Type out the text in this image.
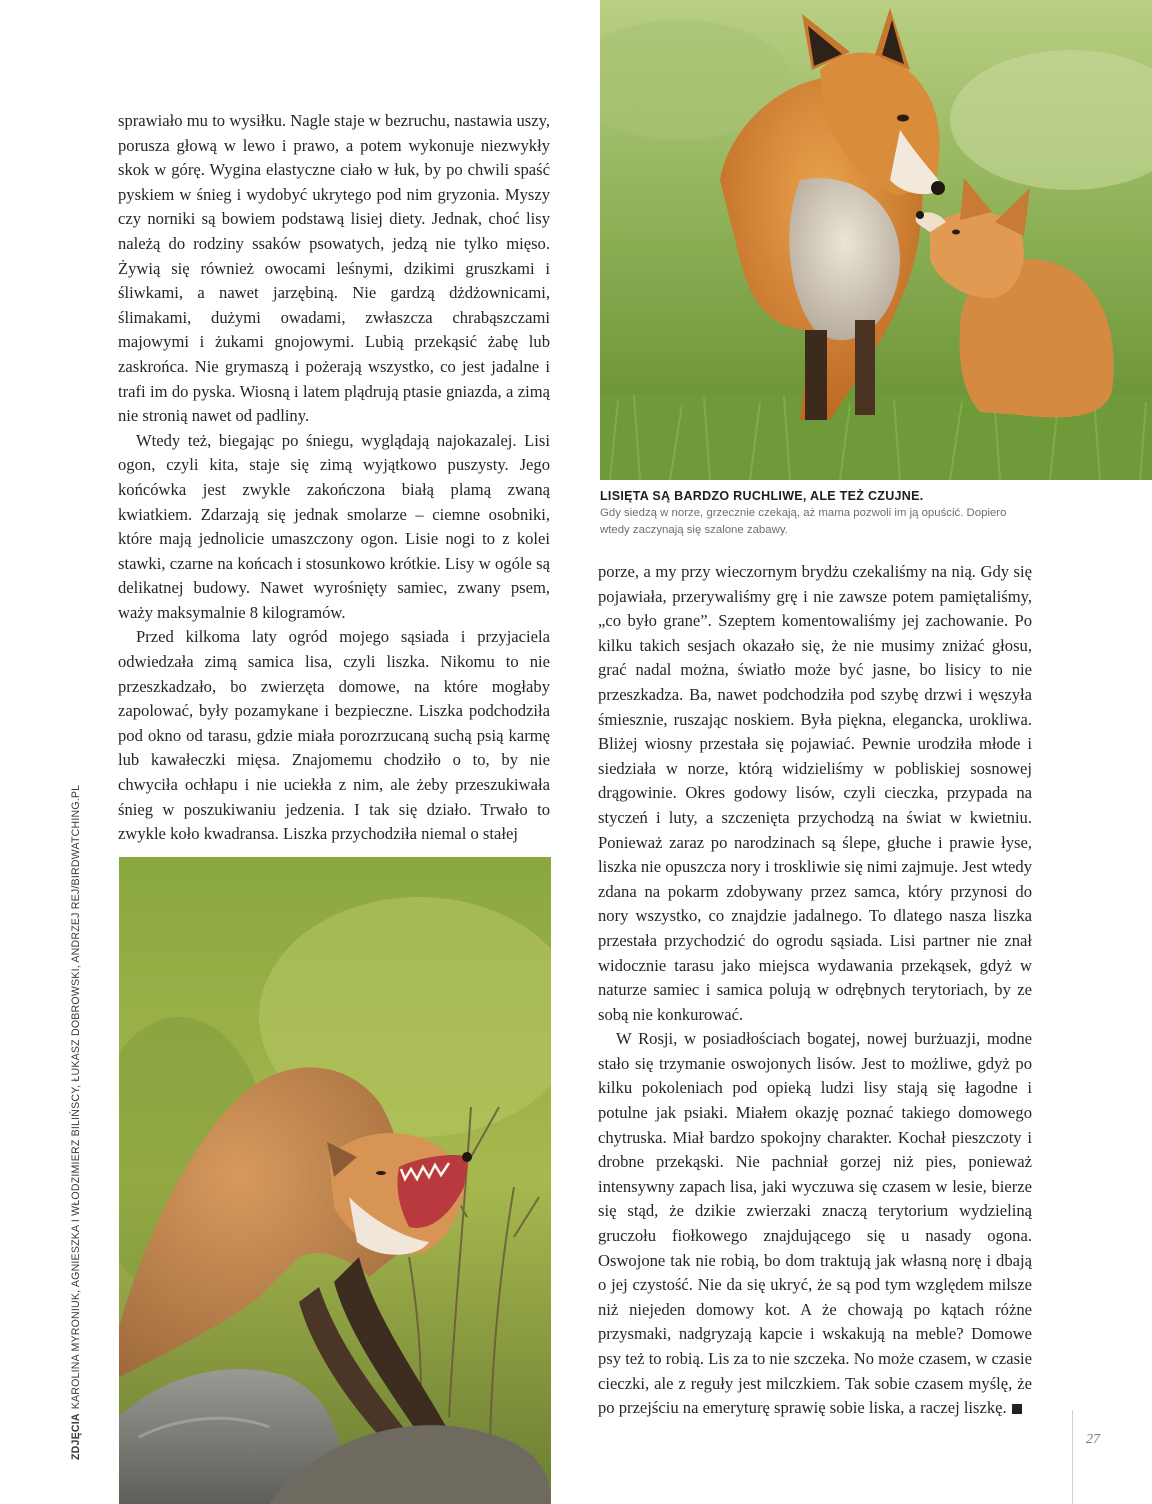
LISIĘTA SĄ BARDZO RUCHLIWE, ALE TEŻ CZUJNE.
Gdy siedzą w norze, grzecznie czekają, aż mama pozwoli im ją opuścić. Dopiero wtedy zaczynają się szalone zabawy.

sprawiało mu to wysiłku. Nagle staje w bezruchu, nastawia uszy, porusza głową w lewo i prawo, a potem wykonuje niezwykły skok w górę. Wygina elastyczne ciało w łuk, by po chwili spaść pyskiem w śnieg i wydobyć ukrytego pod nim gryzonia. Myszy czy norniki są bowiem podstawą lisiej diety. Jednak, choć lisy należą do rodziny ssaków psowatych, jedzą nie tylko mięso. Żywią się również owocami leśnymi, dzikimi gruszkami i śliwkami, a nawet jarzębiną. Nie gardzą dżdżownicami, ślimakami, dużymi owadami, zwłaszcza chrabąszczami majowymi i żukami gnojowymi. Lubią przekąsić żabę lub zaskrońca. Nie grymaszą i pożerają wszystko, co jest jadalne i trafi im do pyska. Wiosną i latem plądrują ptasie gniazda, a zimą nie stronią nawet od padliny.

Wtedy też, biegając po śniegu, wyglądają najokazalej. Lisi ogon, czyli kita, staje się zimą wyjątkowo puszysty. Jego końcówka jest zwykle zakończona białą plamą zwaną kwiatkiem. Zdarzają się jednak smolarze – ciemne osobniki, które mają jednolicie umaszczony ogon. Lisie nogi to z kolei stawki, czarne na końcach i stosunkowo krótkie. Lisy w ogóle są delikatnej budowy. Nawet wyrośnięty samiec, zwany psem, waży maksymalnie 8 kilogramów.

Przed kilkoma laty ogród mojego sąsiada i przyjaciela odwiedzała zimą samica lisa, czyli liszka. Nikomu to nie przeszkadzało, bo zwierzęta domowe, na które mogłaby zapolować, były pozamykane i bezpieczne. Liszka podchodziła pod okno od tarasu, gdzie miała porozrzucaną suchą psią karmę lub kawałeczki mięsa. Znajomemu chodziło o to, by nie chwyciła ochłapu i nie uciekła z nim, ale żeby przeszukiwała śnieg w poszukiwaniu jedzenia. I tak się działo. Trwało to zwykle koło kwadransa. Liszka przychodziła niemal o stałej

porze, a my przy wieczornym brydżu czekaliśmy na nią. Gdy się pojawiała, przerywaliśmy grę i nie zawsze potem pamiętaliśmy, „co było grane”. Szeptem komentowaliśmy jej zachowanie. Po kilku takich sesjach okazało się, że nie musimy zniżać głosu, grać nadal można, światło może być jasne, bo lisicy to nie przeszkadza. Ba, nawet podchodziła pod szybę drzwi i węszyła śmiesznie, ruszając noskiem. Była piękna, elegancka, urokliwa. Bliżej wiosny przestała się pojawiać. Pewnie urodziła młode i siedziała w norze, którą widzieliśmy w pobliskiej sosnowej drągowinie. Okres godowy lisów, czyli cieczka, przypada na styczeń i luty, a szczenięta przychodzą na świat w kwietniu. Ponieważ zaraz po narodzinach są ślepe, głuche i prawie łyse, liszka nie opuszcza nory i troskliwie się nimi zajmuje. Jest wtedy zdana na pokarm zdobywany przez samca, który przynosi do nory wszystko, co znajdzie jadalnego. To dlatego nasza liszka przestała przychodzić do ogrodu sąsiada. Lisi partner nie znał widocznie tarasu jako miejsca wydawania przekąsek, gdyż w naturze samiec i samica polują w odrębnych terytoriach, by ze sobą nie konkurować.

W Rosji, w posiadłościach bogatej, nowej burżuazji, modne stało się trzymanie oswojonych lisów. Jest to możliwe, gdyż po kilku pokoleniach pod opieką ludzi lisy stają się łagodne i potulne jak psiaki. Miałem okazję poznać takiego domowego chytruska. Miał bardzo spokojny charakter. Kochał pieszczoty i drobne przekąski. Nie pachniał gorzej niż pies, ponieważ intensywny zapach lisa, jaki wyczuwa się czasem w lesie, bierze się stąd, że dzikie zwierzaki znaczą terytorium wydzieliną gruczołu fiołkowego znajdującego się u nasady ogona. Oswojone tak nie robią, bo dom traktują jak własną norę i dbają o jej czystość. Nie da się ukryć, że są pod tym względem milsze niż niejeden domowy kot. A że chowają po kątach różne przysmaki, nadgryzają kapcie i wskakują na meble? Domowe psy też to robią. Lis za to nie szczeka. No może czasem, w czasie cieczki, ale z reguły jest milczkiem. Tak sobie czasem myślę, że po przejściu na emeryturę sprawię sobie liska, a raczej liszkę.

ZDJĘCIAKAROLINA MYRONIUK, AGNIESZKA I WŁODZIMIERZ BILIŃSCY, ŁUKASZ DOBROWSKI, ANDRZEJ REJ/BIRDWATCHING.PL
27
